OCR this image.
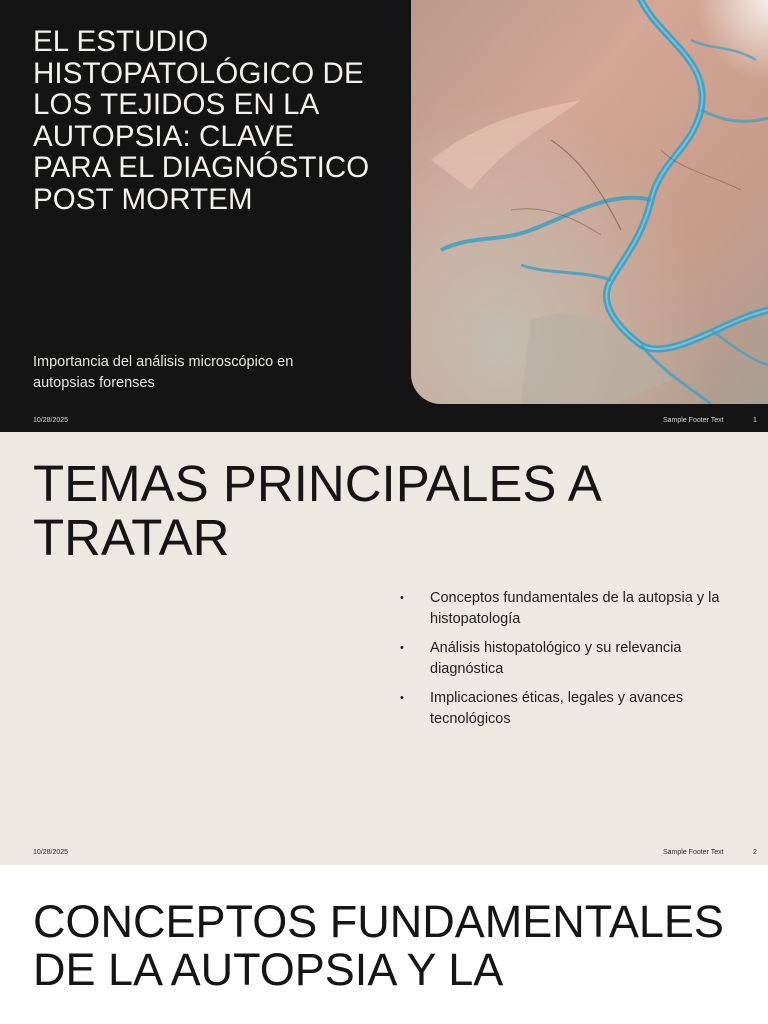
EL ESTUDIO HISTOPATOLÓGICO DE LOS TEJIDOS EN LA AUTOPSIA: CLAVE PARA EL DIAGNÓSTICO POST MORTEM

Importancia del análisis microscópico en autopsias forenses

10/28/2025	Sample Footer Text	1
TEMAS PRINCIPALES A TRATAR
• Conceptos fundamentales de la autopsia y la histopatología
• Análisis histopatológico y su relevancia diagnóstica
• Implicaciones éticas, legales y avances tecnológicos
10/28/2025	Sample Footer Text	2
CONCEPTOS FUNDAMENTALES DE LA AUTOPSIA Y LA
